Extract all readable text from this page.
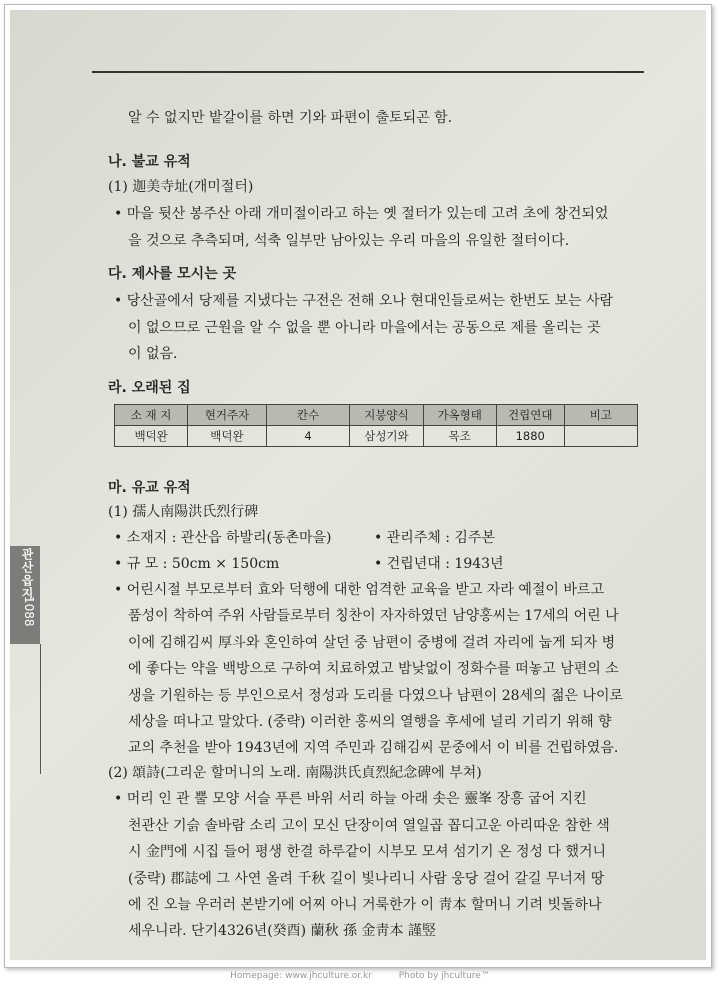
관산읍지
1088
알 수 없지만 밭갈이를 하면 기와 파편이 출토되곤 함.
나. 불교 유적
(1) 迦美寺址(개미절터)
• 마을 뒷산 봉주산 아래 개미절이라고 하는 옛 절터가 있는데 고려 초에 창건되었
을 것으로 추측되며, 석축 일부만 남아있는 우리 마을의 유일한 절터이다.
다. 제사를 모시는 곳
• 당산골에서 당제를 지냈다는 구전은 전해 오나 현대인들로써는 한번도 보는 사람
이 없으므로 근원을 알 수 없을 뿐 아니라 마을에서는 공동으로 제를 올리는 곳
이 없음.
라. 오래된 집
소 재 지	현거주자	칸수	지붕양식	가옥형태	건립연대	비고
백덕완	백덕완	4	삼성기와	목조	1880	
마. 유교 유적
(1) 孺人南陽洪氏烈行碑
• 소재지 : 관산읍 하발리(동촌마을)	• 관리주체 : 김주본
• 규 모 : 50cm × 150cm	• 건립년대 : 1943년
• 어린시절 부모로부터 효와 덕행에 대한 엄격한 교육을 받고 자라 예절이 바르고
품성이 착하여 주위 사람들로부터 칭찬이 자자하였던 남양홍씨는 17세의 어린 나
이에 김해김씨 厚斗와 혼인하여 살던 중 남편이 중병에 걸려 자리에 눕게 되자 병
에 좋다는 약을 백방으로 구하여 치료하였고 밤낮없이 정화수를 떠놓고 남편의 소
생을 기원하는 등 부인으로서 정성과 도리를 다였으나 남편이 28세의 젊은 나이로
세상을 떠나고 말았다. (중략) 이러한 홍씨의 열행을 후세에 널리 기리기 위해 향
교의 추천을 받아 1943년에 지역 주민과 김해김씨 문중에서 이 비를 건립하였음.
(2) 頌詩(그리운 할머니의 노래. 南陽洪氏貞烈紀念碑에 부쳐)
• 머리 인 관 뿔 모양 서슬 푸른 바위 서리 하늘 아래 솟은 靈峯 장흥 굽어 지킨
천관산 기슭 솔바람 소리 고이 모신 단장이여 열일곱 꼽디고운 아리따운 참한 색
시 金門에 시집 들어 평생 한결 하루같이 시부모 모셔 섬기기 온 정성 다 했거니
(중략) 郡誌에 그 사연 올려 千秋 길이 빛나리니 사람 웅당 걸어 갈길 무너져 땅
에 진 오늘 우러러 본받기에 어찌 아니 거룩한가 이 靑本 할머니 기려 빗돌하나
세우니라. 단기4326년(癸酉) 蘭秋 孫 金靑本 謹竪
Homepage: www.jhculture.or.kr	Photo by jhculture™
